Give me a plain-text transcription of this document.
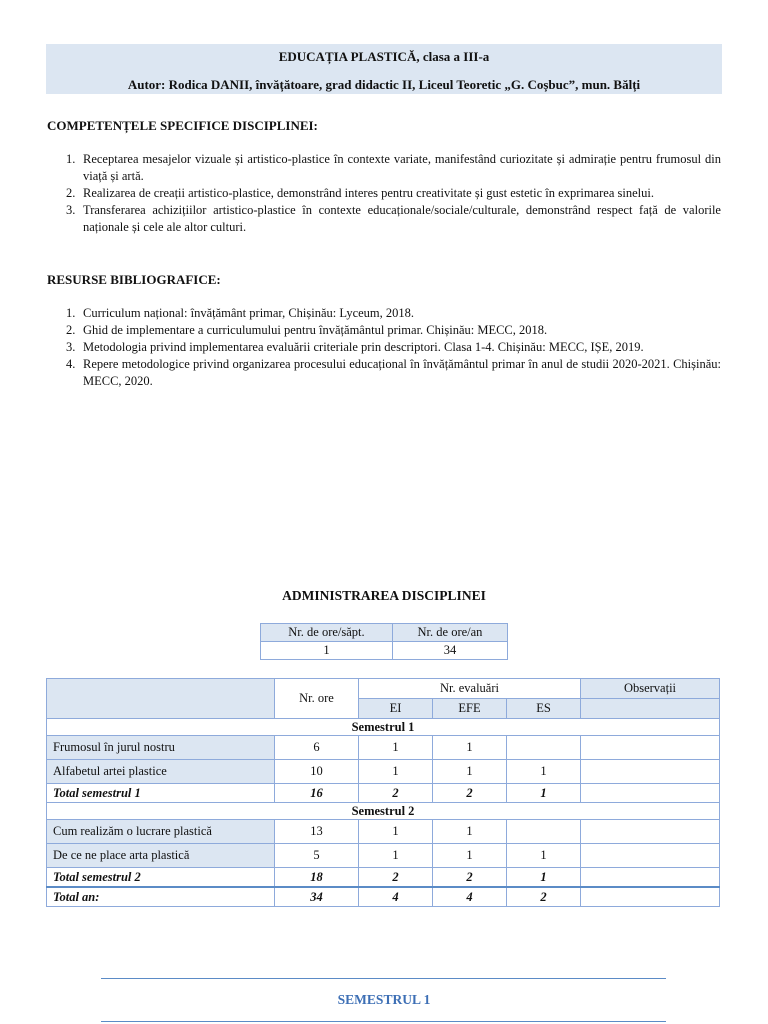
EDUCAȚIA PLASTICĂ, clasa a III-a
Autor: Rodica DANII, învățătoare, grad didactic II, Liceul Teoretic „G. Coșbuc”, mun. Bălți
COMPETENȚELE SPECIFICE DISCIPLINEI:
1. Receptarea mesajelor vizuale și artistico-plastice în contexte variate, manifestând curiozitate și admirație pentru frumosul din viață și artă.
2. Realizarea de creații artistico-plastice, demonstrând interes pentru creativitate și gust estetic în exprimarea sinelui.
3. Transferarea achizițiilor artistico-plastice în contexte educaționale/sociale/culturale, demonstrând respect față de valorile naționale și cele ale altor culturi.
RESURSE BIBLIOGRAFICE:
1. Curriculum național: învățământ primar, Chișinău: Lyceum, 2018.
2. Ghid de implementare a curriculumului pentru învățământul primar. Chișinău: MECC, 2018.
3. Metodologia privind implementarea evaluării criteriale prin descriptori. Clasa 1-4. Chișinău: MECC, IȘE, 2019.
4. Repere metodologice privind organizarea procesului educațional în învățământul primar în anul de studii 2020-2021. Chișinău: MECC, 2020.
ADMINISTRAREA DISCIPLINEI
Nr. de ore/săpt.	Nr. de ore/an
1	34
	Nr. ore	Nr. evaluări			Observații
		EI	EFE	ES	
Semestrul 1					
Frumosul în jurul nostru	6	1	1		
Alfabetul artei plastice	10	1	1	1	
Total semestrul 1	16	2	2	1	
Semestrul 2					
Cum realizăm o lucrare plastică	13	1	1		
De ce ne place arta plastică	5	1	1	1	
Total semestrul 2	18	2	2	1	
Total an:	34	4	4	2	
SEMESTRUL 1
